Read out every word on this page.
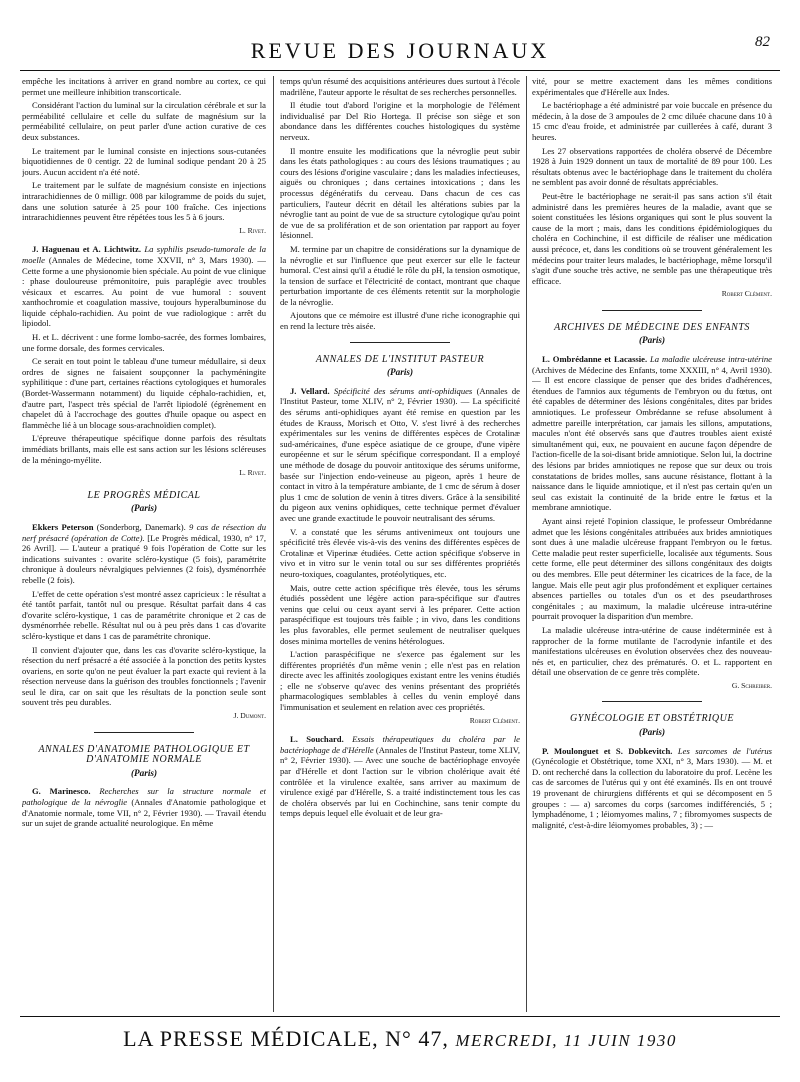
REVUE DES JOURNAUX	82

empêche les incitations à arriver en grand nombre au cortex, ce qui permet une meilleure inhibition transcorticale.

Considérant l'action du luminal sur la circulation cérébrale et sur la perméabilité cellulaire et celle du sulfate de magnésium sur la perméabilité cellulaire, on peut parler d'une action curative de ces deux substances.

Le traitement par le luminal consiste en injections sous-cutanées biquotidiennes de 0 centigr. 22 de luminal sodique pendant 20 à 25 jours. Aucun accident n'a été noté.

Le traitement par le sulfate de magnésium consiste en injections intrarachidiennes de 0 milligr. 008 par kilogramme de poids du sujet, dans une solution saturée à 25 pour 100 fraîche. Ces injections intrarachidiennes peuvent être répétées tous les 5 à 6 jours.

L. Rivet.

J. Haguenau et A. Lichtwitz. La syphilis pseudo-tumorale de la moelle (Annales de Médecine, tome XXVII, n° 3, Mars 1930). — Cette forme a une physionomie bien spéciale. Au point de vue clinique : phase douloureuse prémonitoire, puis paraplégie avec troubles vésicaux et escarres. Au point de vue humoral : souvent xanthochromie et coagulation massive, toujours hyperalbuminose du liquide céphalo-rachidien. Au point de vue radiologique : arrêt du lipiodol.

H. et L. décrivent : une forme lombo-sacrée, des formes lombaires, une forme dorsale, des formes cervicales.

Ce serait en tout point le tableau d'une tumeur médullaire, si deux ordres de signes ne faisaient soupçonner la pachyméningite syphilitique : d'une part, certaines réactions cytologiques et humorales (Bordet-Wassermann notamment) du liquide céphalo-rachidien, et, d'autre part, l'aspect très spécial de l'arrêt lipiodolé (égrènement en chapelet dû à l'accrochage des gouttes d'huile opaque ou aspect en flammèche lié à un blocage sous-arachnoïdien complet).

L'épreuve thérapeutique spécifique donne parfois des résultats immédiats brillants, mais elle est sans action sur les lésions scléreuses de la méningo-myélite.

L. Rivet.

LE PROGRÈS MÉDICAL
(Paris)

Ekkers Peterson (Sonderborg, Danemark). 9 cas de résection du nerf présacré (opération de Cotte). [Le Progrès médical, 1930, n° 17, 26 Avril]. — L'auteur a pratiqué 9 fois l'opération de Cotte sur les indications suivantes : ovarite scléro-kystique (5 fois), paramétrite chronique à douleurs névralgiques pelviennes (2 fois), dysménorrhée rebelle (2 fois).

L'effet de cette opération s'est montré assez capricieux : le résultat a été tantôt parfait, tantôt nul ou presque. Résultat parfait dans 4 cas d'ovarite scléro-kystique, 1 cas de paramétrite chronique et 2 cas de dysménorrhée rebelle. Résultat nul ou à peu près dans 1 cas d'ovarite scléro-kystique et dans 1 cas de paramétrite chronique.

Il convient d'ajouter que, dans les cas d'ovarite scléro-kystique, la résection du nerf présacré a été associée à la ponction des petits kystes ovariens, en sorte qu'on ne peut évaluer la part exacte qui revient à la résection nerveuse dans la guérison des troubles fonctionnels ; l'avenir seul le dira, car on sait que les résultats de la ponction seule sont souvent très peu durables.

J. Dumont.

ANNALES D'ANATOMIE PATHOLOGIQUE ET D'ANATOMIE NORMALE
(Paris)

G. Marinesco. Recherches sur la structure normale et pathologique de la névroglie (Annales d'Anatomie pathologique et d'Anatomie normale, tome VII, n° 2, Février 1930). — Travail étendu sur un sujet de grande actualité neurologique. En même

temps qu'un résumé des acquisitions antérieures dues surtout à l'école madrilène, l'auteur apporte le résultat de ses recherches personnelles.

Il étudie tout d'abord l'origine et la morphologie de l'élément individualisé par Del Rio Hortega. Il précise son siège et son abondance dans les différentes couches histologiques du système nerveux.

Il montre ensuite les modifications que la névroglie peut subir dans les états pathologiques : au cours des lésions traumatiques ; au cours des lésions d'origine vasculaire ; dans les maladies infectieuses, aiguës ou chroniques ; dans certaines intoxications ; dans les processus dégénératifs du cerveau. Dans chacun de ces cas particuliers, l'auteur décrit en détail les altérations subies par la névroglie tant au point de vue de sa structure cytologique qu'au point de vue de sa prolifération et de son orientation par rapport au foyer lésionnel.

M. termine par un chapitre de considérations sur la dynamique de la névroglie et sur l'influence que peut exercer sur elle le facteur humoral. C'est ainsi qu'il a étudié le rôle du pH, la tension osmotique, la tension de surface et l'électricité de contact, montrant que chaque perturbation importante de ces éléments retentit sur la morphologie de la névroglie.

Ajoutons que ce mémoire est illustré d'une riche iconographie qui en rend la lecture très aisée.

ANNALES DE L'INSTITUT PASTEUR
(Paris)

J. Vellard. Spécificité des sérums anti-ophidiques (Annales de l'Institut Pasteur, tome XLIV, n° 2, Février 1930). — La spécificité des sérums anti-ophidiques ayant été remise en question par les études de Krauss, Morisch et Otto, V. s'est livré à des recherches expérimentales sur les venins de différentes espèces de Crotalinæ sud-américaines, d'une espèce asiatique de ce groupe, d'une vipère européenne et sur le sérum spécifique correspondant. Il a employé une méthode de dosage du pouvoir antitoxique des sérums uniforme, basée sur l'injection endo-veineuse au pigeon, après 1 heure de contact in vitro à la température ambiante, de 1 cmc de sérum à doser plus 1 cmc de solution de venin à titres divers. Grâce à la sensibilité du pigeon aux venins ophidiques, cette technique permet d'évaluer avec une grande exactitude le pouvoir neutralisant des sérums.

V. a constaté que les sérums antivenimeux ont toujours une spécificité très élevée vis-à-vis des venins des différentes espèces de Crotalinæ et Viperinæ étudiées. Cette action spécifique s'observe in vivo et in vitro sur le venin total ou sur ses différentes propriétés neuro-toxiques, coagulantes, protéolytiques, etc.

Mais, outre cette action spécifique très élevée, tous les sérums étudiés possèdent une légère action para-spécifique sur d'autres venins que celui ou ceux ayant servi à les préparer. Cette action paraspécifique est toujours très faible ; in vivo, dans les conditions les plus favorables, elle permet seulement de neutraliser quelques doses minima mortelles de venins hétérologues.

L'action paraspécifique ne s'exerce pas également sur les différentes propriétés d'un même venin ; elle n'est pas en relation directe avec les affinités zoologiques existant entre les venins étudiés ; elle ne s'observe qu'avec des venins présentant des propriétés pharmacologiques semblables à celles du venin employé dans l'immunisation et seulement en relation avec ces propriétés.

Robert Clément.

L. Souchard. Essais thérapeutiques du choléra par le bactériophage de d'Hérelle (Annales de l'Institut Pasteur, tome XLIV, n° 2, Février 1930). — Avec une souche de bactériophage envoyée par d'Hérelle et dont l'action sur le vibrion cholérique avait été contrôlée et la virulence exaltée, sans arriver au maximum de virulence exigé par d'Hérelle, S. a traité indistinctement tous les cas de choléra observés par lui en Cochinchine, sans tenir compte du temps depuis lequel elle évoluait et de leur gra-

vité, pour se mettre exactement dans les mêmes conditions expérimentales que d'Hérelle aux Indes.

Le bactériophage a été administré par voie buccale en présence du médecin, à la dose de 3 ampoules de 2 cmc diluée chacune dans 10 à 15 cmc d'eau froide, et administrée par cuillerées à café, durant 3 heures.

Les 27 observations rapportées de choléra observé de Décembre 1928 à Juin 1929 donnent un taux de mortalité de 89 pour 100. Les résultats obtenus avec le bactériophage dans le traitement du choléra ne semblent pas avoir donné de résultats appréciables.

Peut-être le bactériophage ne serait-il pas sans action s'il était administré dans les premières heures de la maladie, avant que se soient constituées les lésions organiques qui sont le plus souvent la cause de la mort ; mais, dans les conditions épidémiologiques du choléra en Cochinchine, il est difficile de réaliser une médication aussi précoce, et, dans les conditions où se trouvent généralement les médecins pour traiter leurs malades, le bactériophage, même lorsqu'il s'agit d'une souche très active, ne semble pas une thérapeutique très efficace.

Robert Clément.

ARCHIVES DE MÉDECINE DES ENFANTS
(Paris)

L. Ombrédanne et Lacassie. La maladie ulcéreuse intra-utérine (Archives de Médecine des Enfants, tome XXXIII, n° 4, Avril 1930). — Il est encore classique de penser que des brides d'adhérences, étendues de l'amnios aux téguments de l'embryon ou du fœtus, ont été capables de déterminer des lésions congénitales, dites par brides amniotiques. Le professeur Ombrédanne se refuse absolument à admettre pareille interprétation, car jamais les sillons, amputations, macules n'ont été observés sans que d'autres troubles aient existé simultanément qui, eux, ne pouvaient en aucune façon dépendre de l'action-ficelle de la soi-disant bride amniotique. Selon lui, la doctrine des lésions par brides amniotiques ne repose que sur deux ou trois constatations de brides molles, sans aucune résistance, flottant à la naissance dans le liquide amniotique, et il n'est pas certain qu'en un seul cas existait la continuité de la bride entre le fœtus et la membrane amniotique.

Ayant ainsi rejeté l'opinion classique, le professeur Ombrédanne admet que les lésions congénitales attribuées aux brides amniotiques sont dues à une maladie ulcéreuse frappant l'embryon ou le fœtus. Cette maladie peut rester superficielle, localisée aux téguments. Sous cette forme, elle peut déterminer des sillons congénitaux des doigts ou des membres. Elle peut déterminer les cicatrices de la face, de la langue. Mais elle peut agir plus profondément et expliquer certaines absences partielles ou totales d'un os et des pseudarthroses congénitales ; au maximum, la maladie ulcéreuse intra-utérine pourrait provoquer la disparition d'un membre.

La maladie ulcéreuse intra-utérine de cause indéterminée est à rapprocher de la forme mutilante de l'acrodynie infantile et des manifestations ulcéreuses en évolution observées chez des nouveau-nés et, en particulier, chez des prématurés. O. et L. rapportent en détail une observation de ce genre très complète.

G. Schreiber.

GYNÉCOLOGIE ET OBSTÉTRIQUE
(Paris)

P. Moulonguet et S. Dobkevitch. Les sarcomes de l'utérus (Gynécologie et Obstétrique, tome XXI, n° 3, Mars 1930). — M. et D. ont recherché dans la collection du laboratoire du prof. Lecène les cas de sarcomes de l'utérus qui y ont été examinés. Ils en ont trouvé 19 provenant de chirurgiens différents et qui se décomposent en 5 groupes : — a) sarcomes du corps (sarcomes indifférenciés, 5 ; lymphadénome, 1 ; léiomyomes malins, 7 ; fibromyomes suspects de malignité, c'est-à-dire léiomyomes probables, 3) ; —

LA PRESSE MÉDICALE, N° 47, MERCREDI, 11 JUIN 1930
